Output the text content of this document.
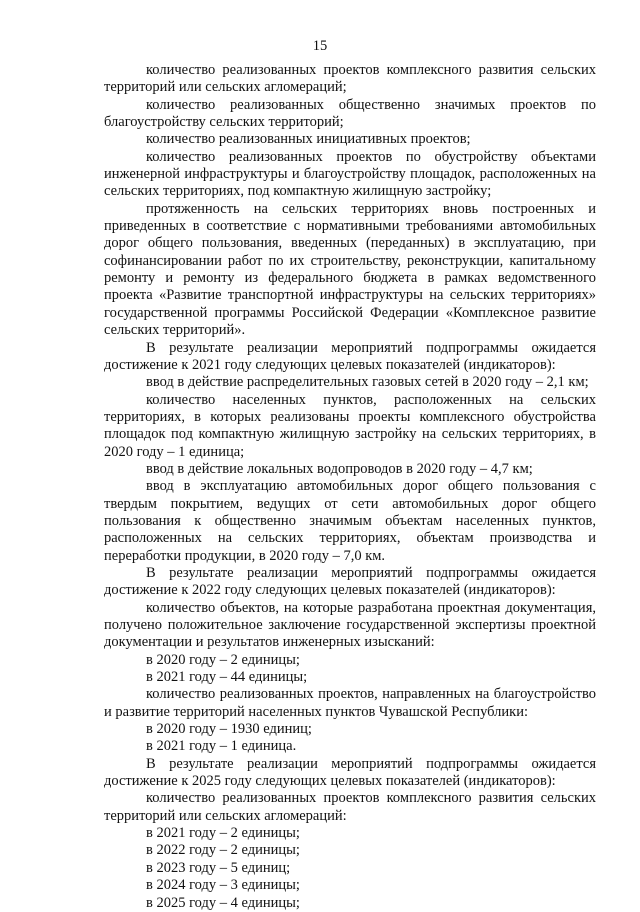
15

количество реализованных проектов комплексного развития сельских территорий или сельских агломераций;

количество реализованных общественно значимых проектов по благоустройству сельских территорий;

количество реализованных инициативных проектов;

количество реализованных проектов по обустройству объектами инженерной инфраструктуры и благоустройству площадок, расположенных на сельских территориях, под компактную жилищную застройку;

протяженность на сельских территориях вновь построенных и приведенных в соответствие с нормативными требованиями автомобильных дорог общего пользования, введенных (переданных) в эксплуатацию, при софинансировании работ по их строительству, реконструкции, капитальному ремонту и ремонту из федерального бюджета в рамках ведомственного проекта «Развитие транспортной инфраструктуры на сельских территориях» государственной программы Российской Федерации «Комплексное развитие сельских территорий».

В результате реализации мероприятий подпрограммы ожидается достижение к 2021 году следующих целевых показателей (индикаторов):

ввод в действие распределительных газовых сетей в 2020 году – 2,1 км;

количество населенных пунктов, расположенных на сельских территориях, в которых реализованы проекты комплексного обустройства площадок под компактную жилищную застройку на сельских территориях, в 2020 году – 1 единица;

ввод в действие локальных водопроводов в 2020 году – 4,7 км;

ввод в эксплуатацию автомобильных дорог общего пользования с твердым покрытием, ведущих от сети автомобильных дорог общего пользования к общественно значимым объектам населенных пунктов, расположенных на сельских территориях, объектам производства и переработки продукции, в 2020 году – 7,0 км.

В результате реализации мероприятий подпрограммы ожидается достижение к 2022 году следующих целевых показателей (индикаторов):

количество объектов, на которые разработана проектная документация, получено положительное заключение государственной экспертизы проектной документации и результатов инженерных изысканий:

в 2020 году – 2 единицы;

в 2021 году – 44 единицы;

количество реализованных проектов, направленных на благоустройство и развитие территорий населенных пунктов Чувашской Республики:

в 2020 году – 1930 единиц;

в 2021 году – 1 единица.

В результате реализации мероприятий подпрограммы ожидается достижение к 2025 году следующих целевых показателей (индикаторов):

количество реализованных проектов комплексного развития сельских территорий или сельских агломераций:

в 2021 году – 2 единицы;

в 2022 году – 2 единицы;

в 2023 году – 5 единиц;

в 2024 году – 3 единицы;

в 2025 году – 4 единицы;
